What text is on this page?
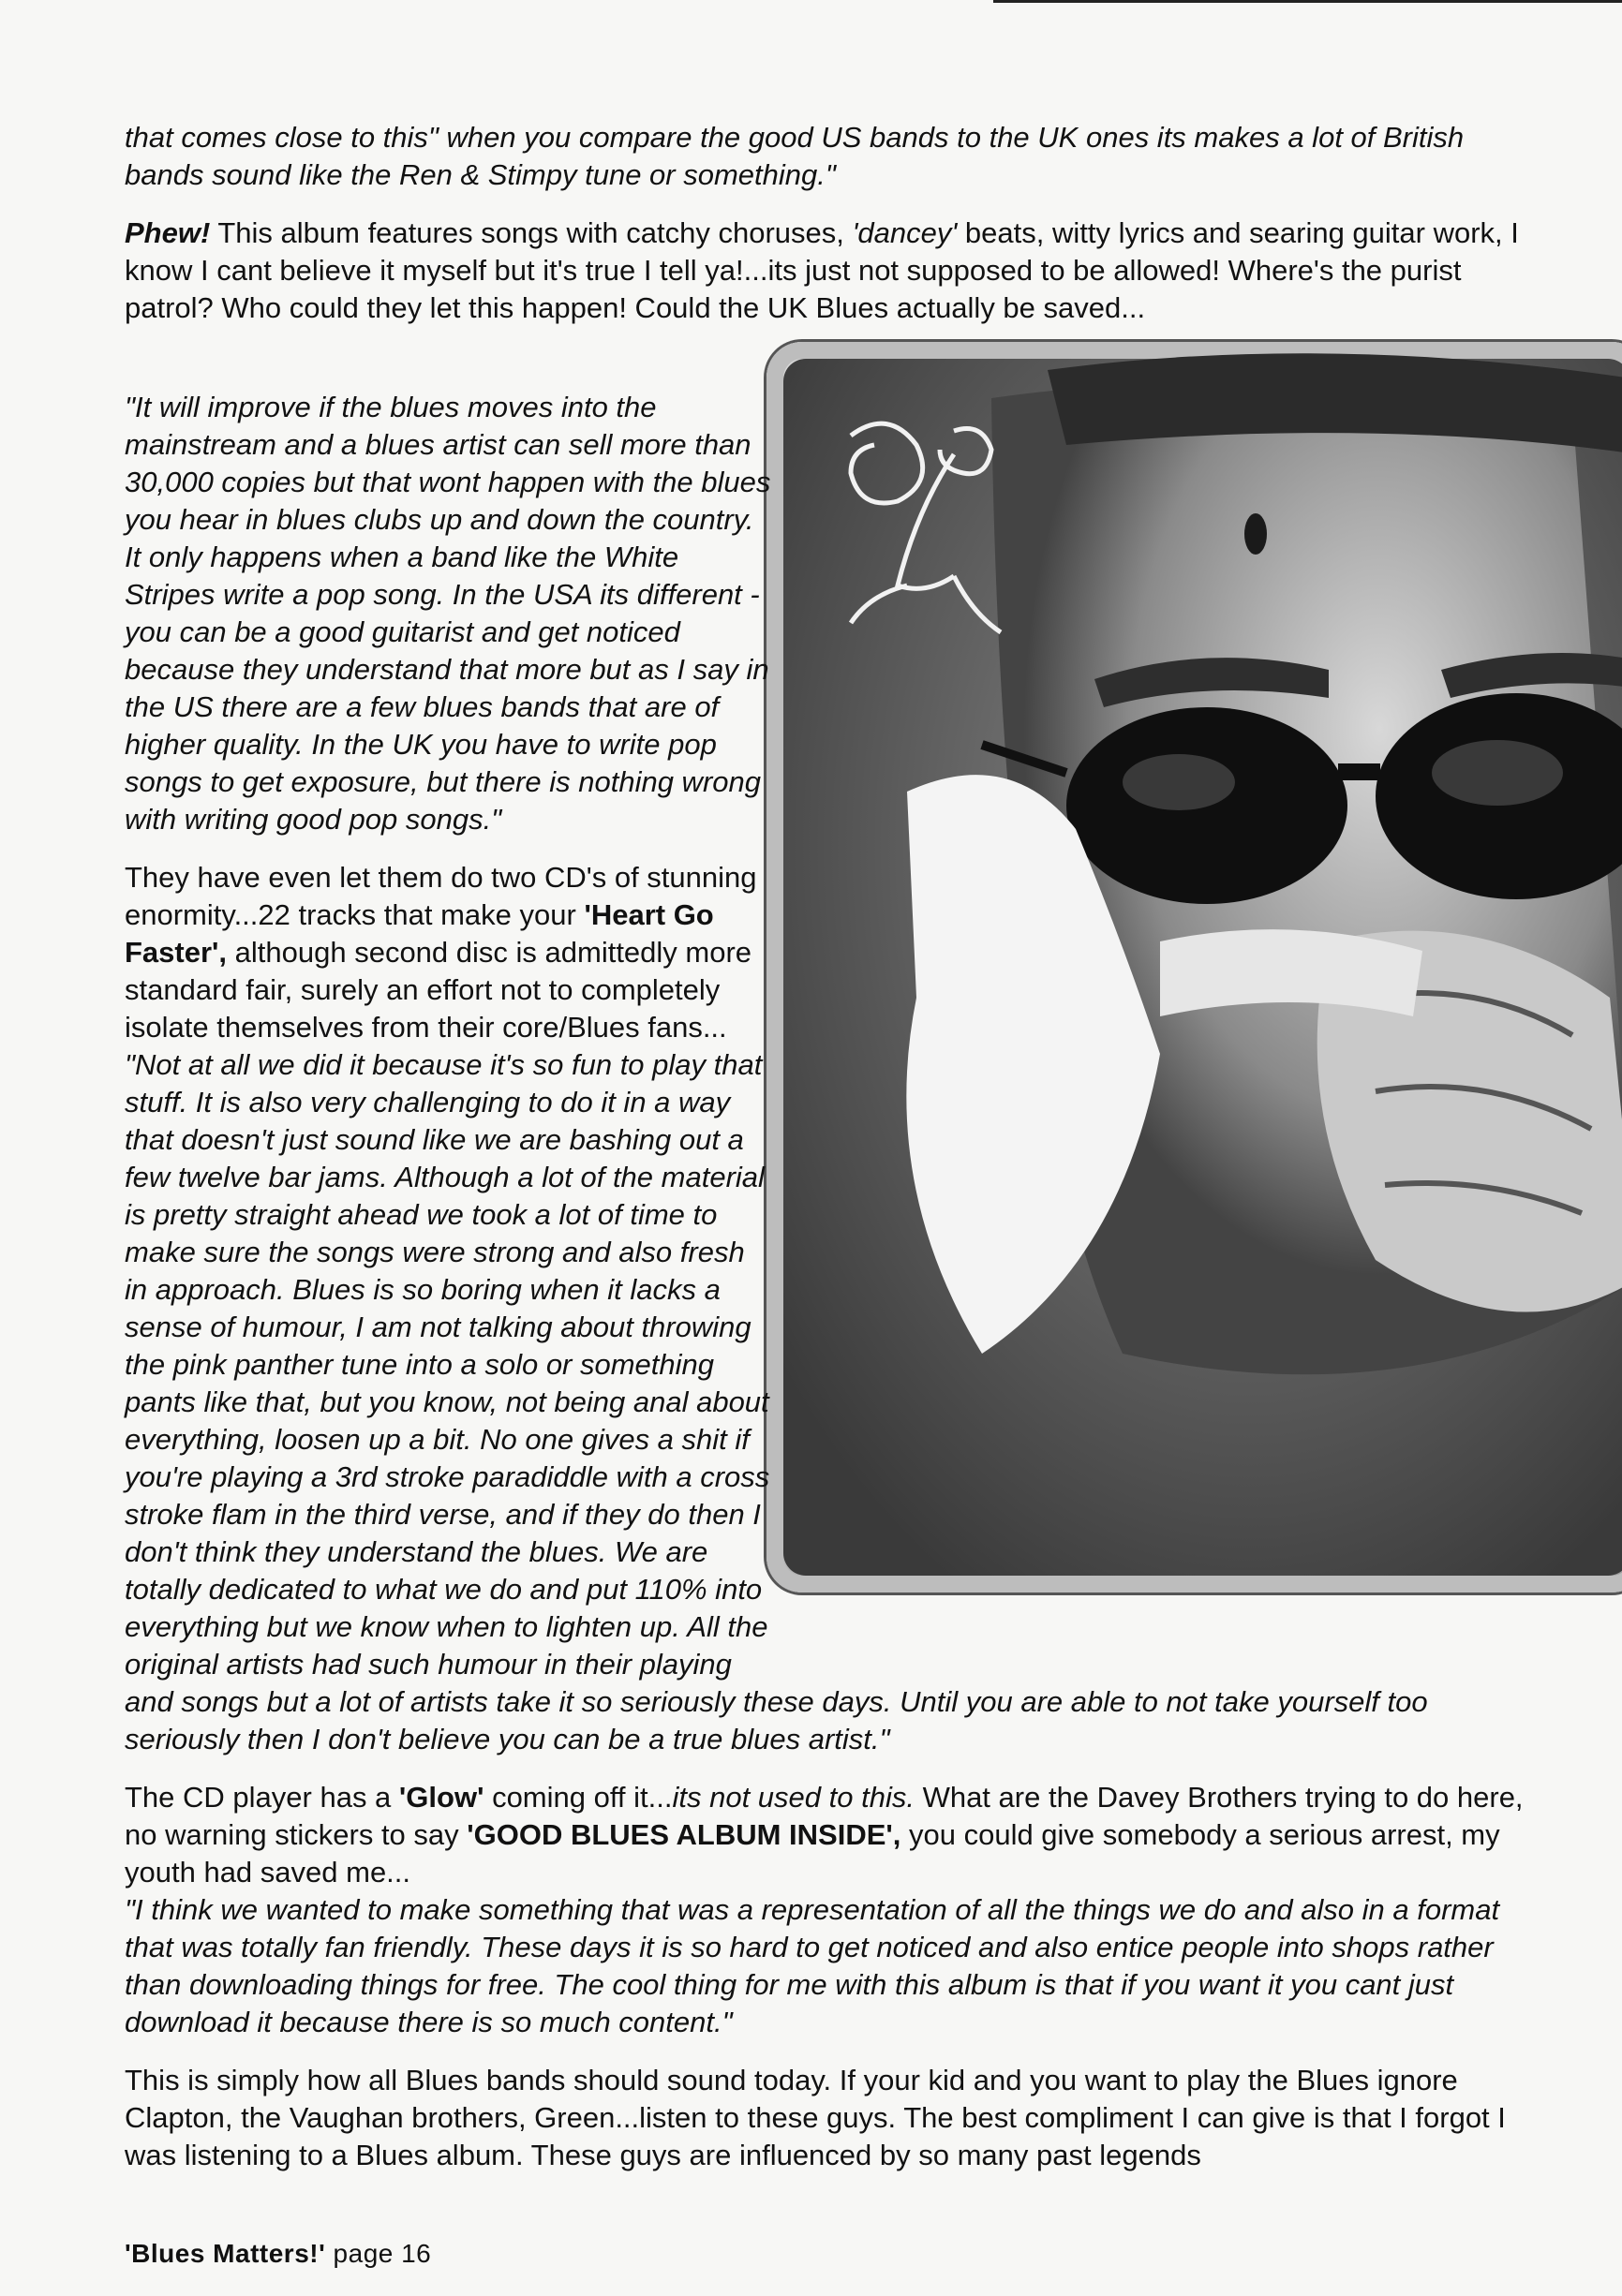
that comes close to this" when you compare the good US bands to the UK ones its makes a lot of British bands sound like the Ren & Stimpy tune or something."

Phew! This album features songs with catchy choruses, 'dancey' beats, witty lyrics and searing guitar work, I know I cant believe it myself but it's true I tell ya!...its just not supposed to be allowed! Where's the purist patrol? Who could they let this happen! Could the UK Blues actually be saved...

"It will improve if the blues moves into the mainstream and a blues artist can sell more than 30,000 copies but that wont happen with the blues you hear in blues clubs up and down the country. It only happens when a band like the White Stripes write a pop song. In the USA its different - you can be a good guitarist and get noticed because they understand that more but as I say in the US there are a few blues bands that are of higher quality. In the UK you have to write pop songs to get exposure, but there is nothing wrong with writing good pop songs."

They have even let them do two CD's of stunning enormity...22 tracks that make your 'Heart Go Faster', although second disc is admittedly more standard fair, surely an effort not to completely isolate themselves from their core/Blues fans...
"Not at all we did it because it's so fun to play that stuff. It is also very challenging to do it in a way that doesn't just sound like we are bashing out a few twelve bar jams. Although a lot of the material is pretty straight ahead we took a lot of time to make sure the songs were strong and also fresh in approach. Blues is so boring when it lacks a sense of humour, I am not talking about throwing the pink panther tune into a solo or something pants like that, but you know, not being anal about everything, loosen up a bit. No one gives a shit if you're playing a 3rd stroke paradiddle with a cross stroke flam in the third verse, and if they do then I don't think they understand the blues. We are totally dedicated to what we do and put 110% into everything but we know when to lighten up. All the original artists had such humour in their playing and songs but a lot of artists take it so seriously these days. Until you are able to not take yourself too seriously then I don't believe you can be a true blues artist."

The CD player has a 'Glow' coming off it...its not used to this. What are the Davey Brothers trying to do here, no warning stickers to say 'GOOD BLUES ALBUM INSIDE', you could give somebody a serious arrest, my youth had saved me...
"I think we wanted to make something that was a representation of all the things we do and also in a format that was totally fan friendly. These days it is so hard to get noticed and also entice people into shops rather than downloading things for free. The cool thing for me with this album is that if you want it you cant just download it because there is so much content."

This is simply how all Blues bands should sound today. If your kid and you want to play the Blues ignore Clapton, the Vaughan brothers, Green...listen to these guys. The best compliment I can give is that I forgot I was listening to a Blues album. These guys are influenced by so many past legends

'Blues Matters!' page 16
